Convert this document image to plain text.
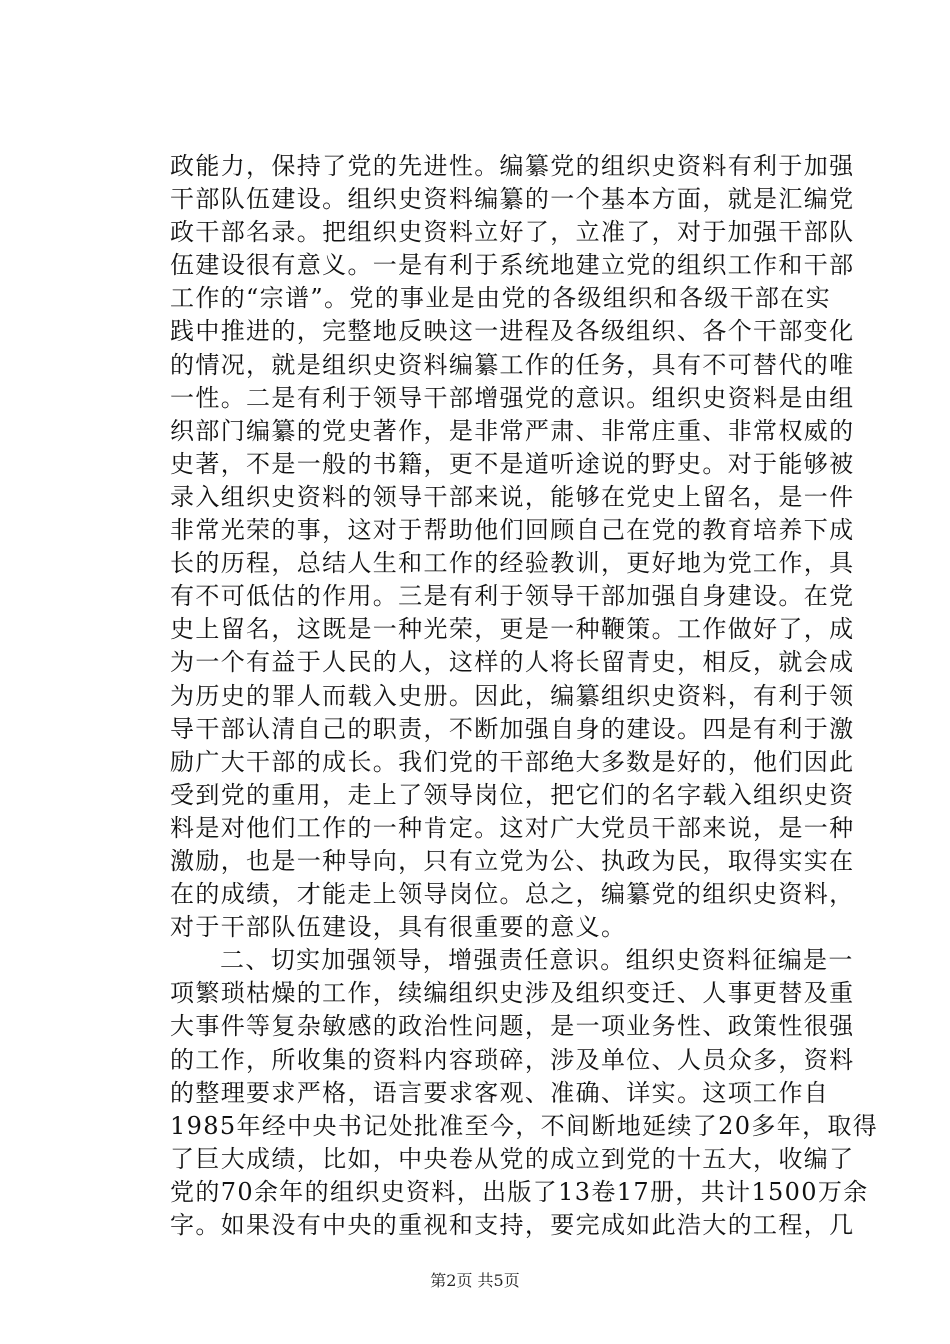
政能力，保持了党的先进性。编纂党的组织史资料有利于加强
干部队伍建设。组织史资料编纂的一个基本方面，就是汇编党
政干部名录。把组织史资料立好了，立准了，对于加强干部队
伍建设很有意义。一是有利于系统地建立党的组织工作和干部
工作的“宗谱”。党的事业是由党的各级组织和各级干部在实
践中推进的，完整地反映这一进程及各级组织、各个干部变化
的情况，就是组织史资料编纂工作的任务，具有不可替代的唯
一性。二是有利于领导干部增强党的意识。组织史资料是由组
织部门编纂的党史著作，是非常严肃、非常庄重、非常权威的
史著，不是一般的书籍，更不是道听途说的野史。对于能够被
录入组织史资料的领导干部来说，能够在党史上留名，是一件
非常光荣的事，这对于帮助他们回顾自己在党的教育培养下成
长的历程，总结人生和工作的经验教训，更好地为党工作，具
有不可低估的作用。三是有利于领导干部加强自身建设。在党
史上留名，这既是一种光荣，更是一种鞭策。工作做好了，成
为一个有益于人民的人，这样的人将长留青史，相反，就会成
为历史的罪人而载入史册。因此，编纂组织史资料，有利于领
导干部认清自己的职责，不断加强自身的建设。四是有利于激
励广大干部的成长。我们党的干部绝大多数是好的，他们因此
受到党的重用，走上了领导岗位，把它们的名字载入组织史资
料是对他们工作的一种肯定。这对广大党员干部来说，是一种
激励，也是一种导向，只有立党为公、执政为民，取得实实在
在的成绩，才能走上领导岗位。总之，编纂党的组织史资料，
对于干部队伍建设，具有很重要的意义。
二、切实加强领导，增强责任意识。组织史资料征编是一
项繁琐枯燥的工作，续编组织史涉及组织变迁、人事更替及重
大事件等复杂敏感的政治性问题，是一项业务性、政策性很强
的工作，所收集的资料内容琐碎，涉及单位、人员众多，资料
的整理要求严格，语言要求客观、准确、详实。这项工作自
1985年经中央书记处批准至今，不间断地延续了20多年，取得
了巨大成绩，比如，中央卷从党的成立到党的十五大，收编了
党的70余年的组织史资料，出版了13卷17册，共计1500万余
字。如果没有中央的重视和支持，要完成如此浩大的工程，几
第2页 共5页
